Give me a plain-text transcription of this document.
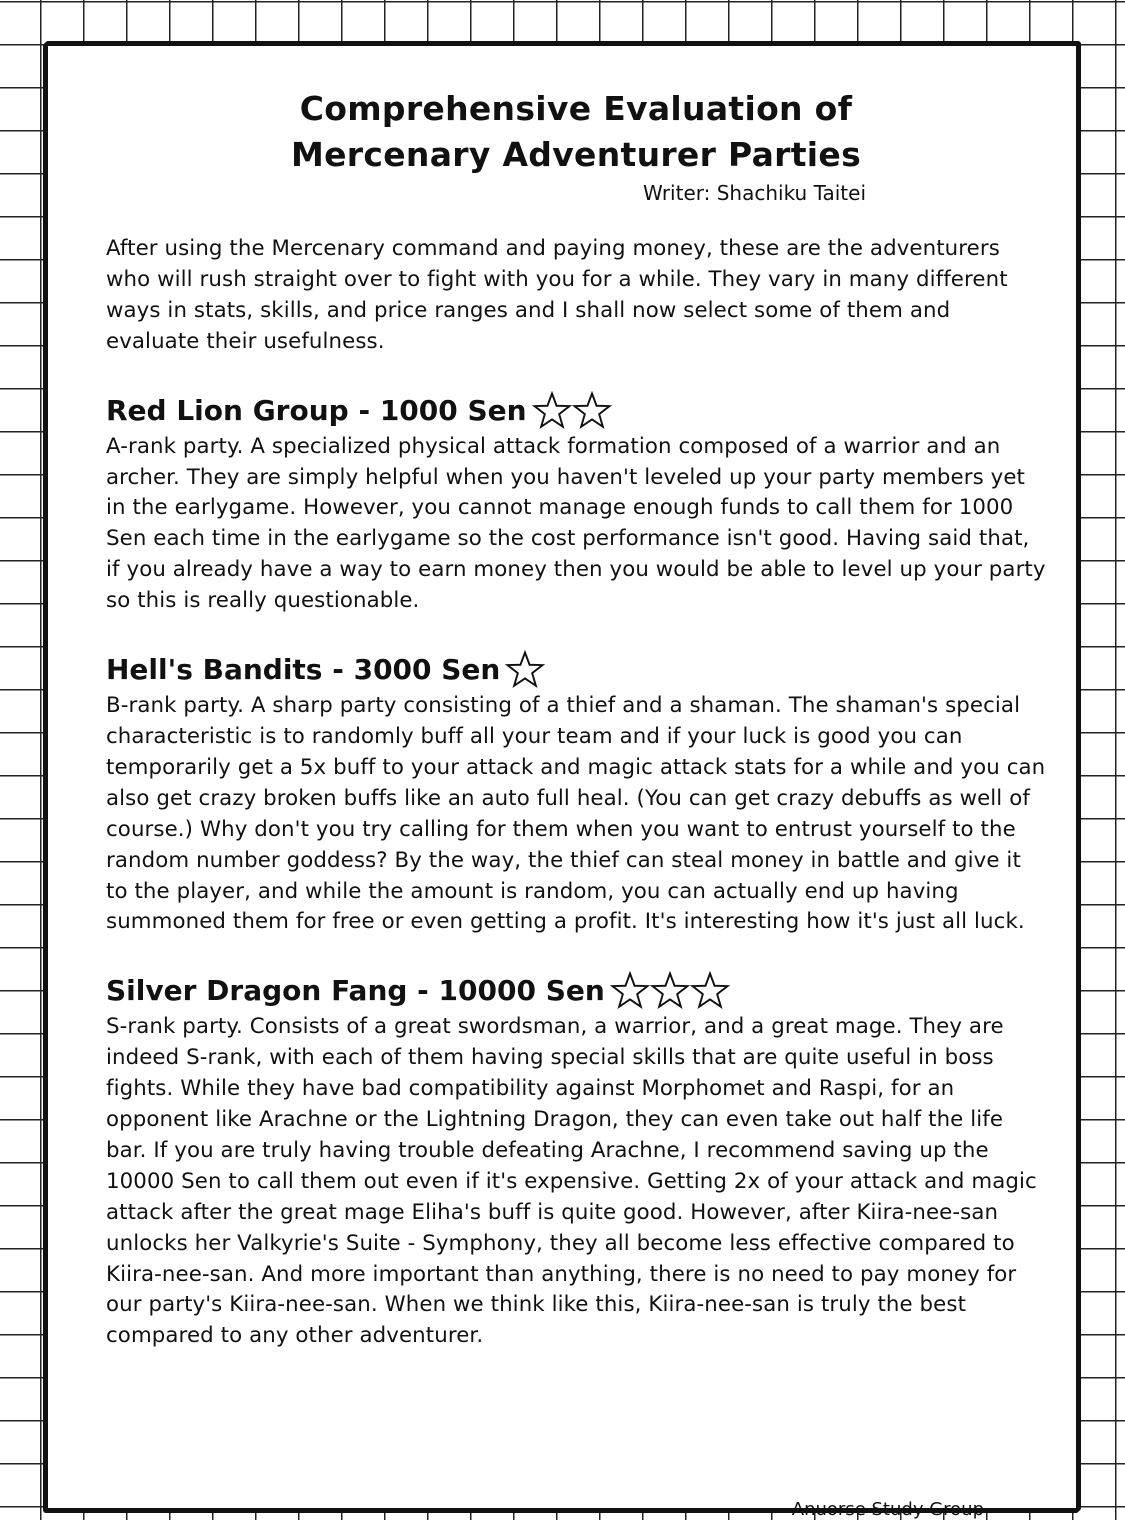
Comprehensive Evaluation of
Mercenary Adventurer Parties
Writer: Shachiku Taitei

After using the Mercenary command and paying money, these are the adventurers who will rush straight over to fight with you for a while. They vary in many different ways in stats, skills, and price ranges and I shall now select some of them and evaluate their usefulness.

Red Lion Group - 1000 Sen

A-rank party. A specialized physical attack formation composed of a warrior and an archer. They are simply helpful when you haven't leveled up your party members yet in the earlygame. However, you cannot manage enough funds to call them for 1000 Sen each time in the earlygame so the cost performance isn't good. Having said that, if you already have a way to earn money then you would be able to level up your party so this is really questionable.

Hell's Bandits - 3000 Sen

B-rank party. A sharp party consisting of a thief and a shaman. The shaman's special characteristic is to randomly buff all your team and if your luck is good you can temporarily get a 5x buff to your attack and magic attack stats for a while and you can also get crazy broken buffs like an auto full heal. (You can get crazy debuffs as well of course.) Why don't you try calling for them when you want to entrust yourself to the random number goddess? By the way, the thief can steal money in battle and give it to the player, and while the amount is random, you can actually end up having summoned them for free or even getting a profit. It's interesting how it's just all luck.

Silver Dragon Fang - 10000 Sen

S-rank party. Consists of a great swordsman, a warrior, and a great mage. They are indeed S-rank, with each of them having special skills that are quite useful in boss fights. While they have bad compatibility against Morphomet and Raspi, for an opponent like Arachne or the Lightning Dragon, they can even take out half the life bar. If you are truly having trouble defeating Arachne, I recommend saving up the 10000 Sen to call them out even if it's expensive. Getting 2x of your attack and magic attack after the great mage Eliha's buff is quite good. However, after Kiira-nee-san unlocks her Valkyrie's Suite - Symphony, they all become less effective compared to Kiira-nee-san. And more important than anything, there is no need to pay money for our party's Kiira-nee-san. When we think like this, Kiira-nee-san is truly the best compared to any other adventurer.

Anuorse Study Group
